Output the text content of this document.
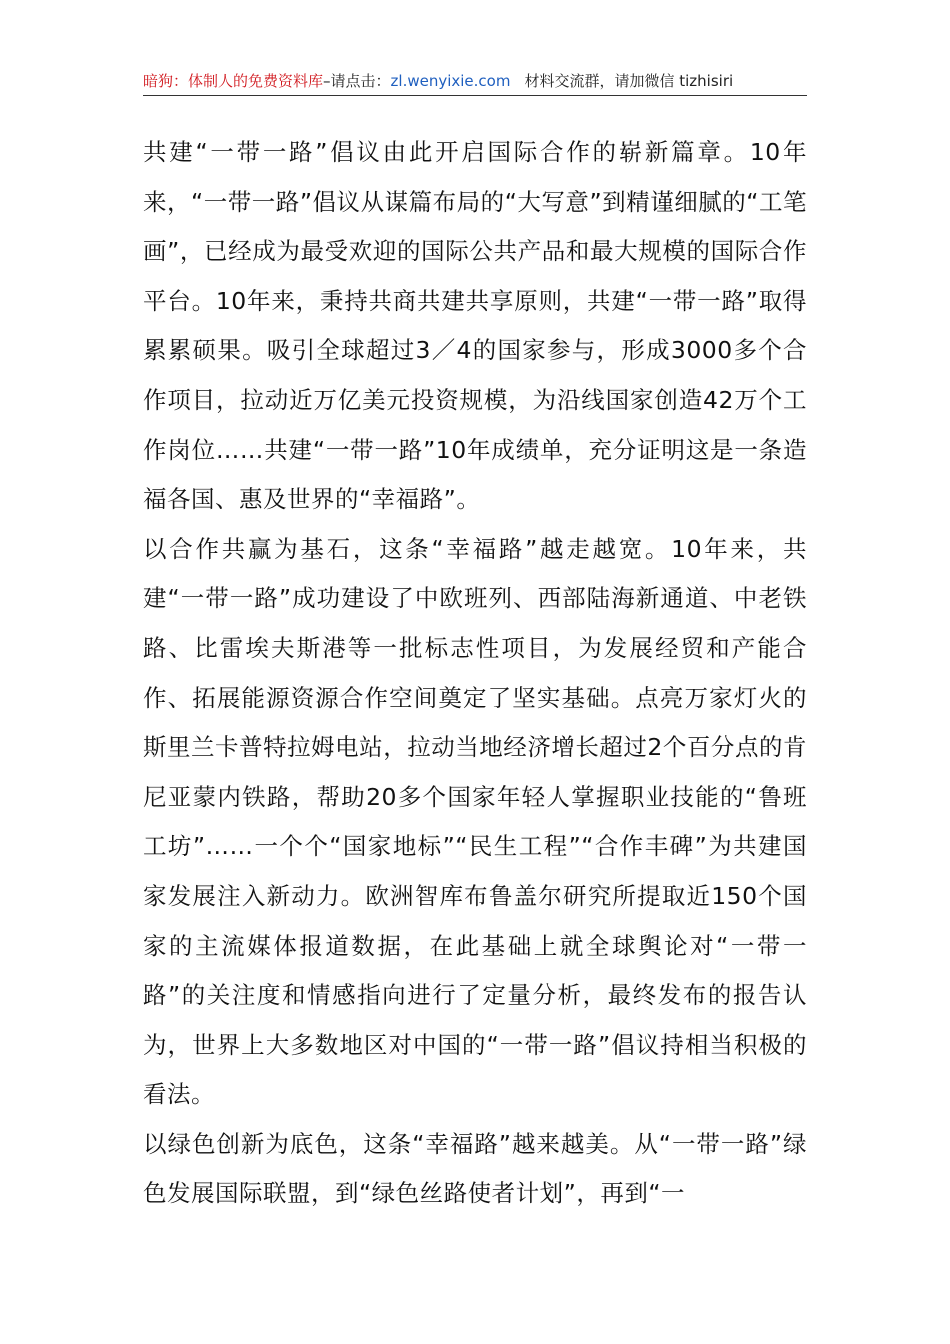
暗狗：体制人的免费资料库–请点击：zl.wenyixie.com 材料交流群，请加微信 tizhisiri

共建“一带一路”倡议由此开启国际合作的崭新篇章。10年来，“一带一路”倡议从谋篇布局的“大写意”到精谨细腻的“工笔画”，已经成为最受欢迎的国际公共产品和最大规模的国际合作平台。10年来，秉持共商共建共享原则，共建“一带一路”取得累累硕果。吸引全球超过3／4的国家参与，形成3000多个合作项目，拉动近万亿美元投资规模，为沿线国家创造42万个工作岗位……共建“一带一路”10年成绩单，充分证明这是一条造福各国、惠及世界的“幸福路”。

以合作共赢为基石，这条“幸福路”越走越宽。10年来，共建“一带一路”成功建设了中欧班列、西部陆海新通道、中老铁路、比雷埃夫斯港等一批标志性项目，为发展经贸和产能合作、拓展能源资源合作空间奠定了坚实基础。点亮万家灯火的斯里兰卡普特拉姆电站，拉动当地经济增长超过2个百分点的肯尼亚蒙内铁路，帮助20多个国家年轻人掌握职业技能的“鲁班工坊”……一个个“国家地标”“民生工程”“合作丰碑”为共建国家发展注入新动力。欧洲智库布鲁盖尔研究所提取近150个国家的主流媒体报道数据，在此基础上就全球舆论对“一带一路”的关注度和情感指向进行了定量分析，最终发布的报告认为，世界上大多数地区对中国的“一带一路”倡议持相当积极的看法。

以绿色创新为底色，这条“幸福路”越来越美。从“一带一路”绿色发展国际联盟，到“绿色丝路使者计划”，再到“一
